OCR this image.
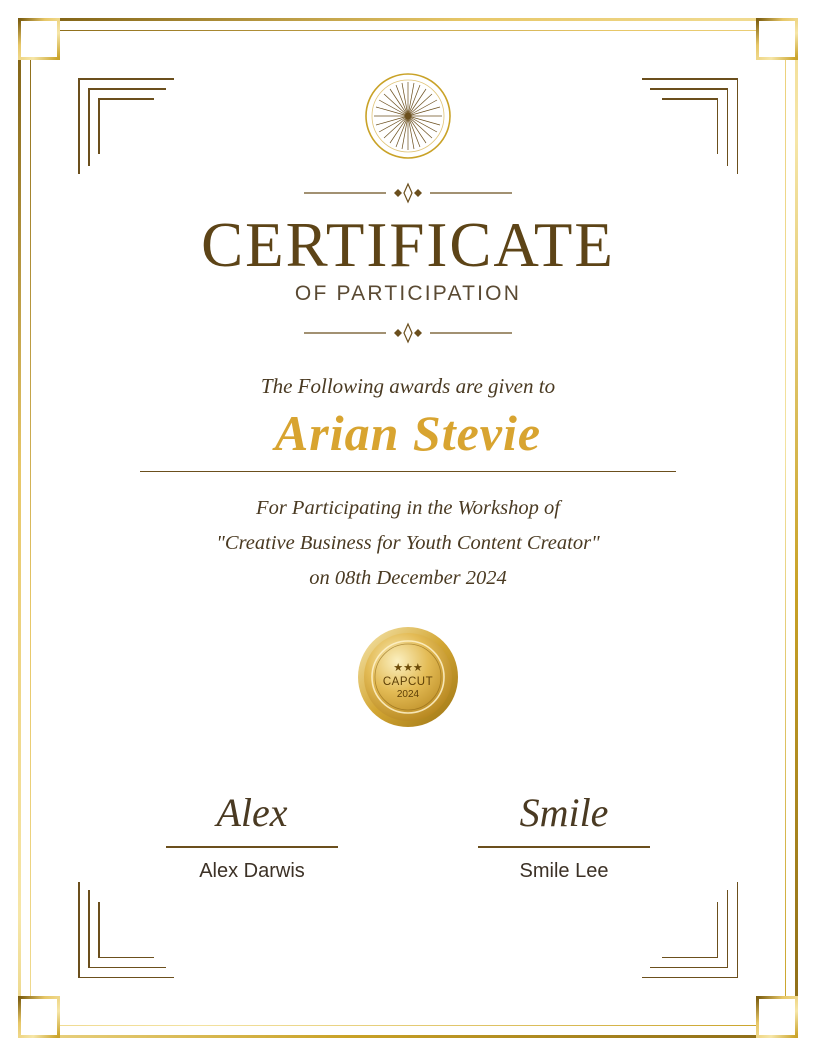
CERTIFICATE
OF PARTICIPATION
The Following awards are given to
Arian Stevie
For Participating in the Workshop of
"Creative Business for Youth Content Creator"
on 08th December 2024
★★★
CAPCUT
2024
Alex
Alex Darwis
Smile
Smile Lee
